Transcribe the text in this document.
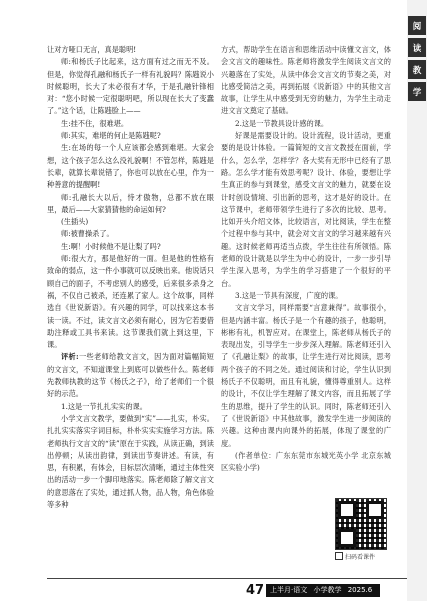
让对方哑口无言，真是聪明!

师:和杨氏子比起来，这方面有过之而无不及。但是，你觉得孔融和杨氏子一样有礼貌吗？陈韪说小时候聪明，长大了未必很有才华，于是孔融针锋相对：“您小时候一定很聪明吧，所以现在长大了变蠢了。”这个话，让陈韪脸上——

生:挂不住，很难堪。

师:其实，难堪的何止是陈韪呢?

生:在场的每一个人应该都会感到难堪。大家会想，这个孩子怎么这么没礼貌啊！不管怎样，陈韪是长辈，就算长辈说错了，你也可以放在心里，作为一种善意的提醒啊!

师:孔融长大以后，恃才傲物，总都不放在眼里，最后——大家猜猜他的命运如何?

(生插头)

师:被曹操杀了。

生:啊！小时候他不是让梨了吗?

师:很大方，那是他好的一面。但是他的性格有致命的弱点，这一件小事就可以反映出来。他说话只顾自己的面子，不考虑别人的感受，后来很多杀身之祸，不仅自己被杀，还连累了家人。这个故事，同样选自《世说新语》。有兴趣的同学，可以找来这本书读一读。不过，读文言文必须有耐心，因为它若要借助注释或工具书来读。这节课我们就上到这里，下课。

评析:一些老师给教文言文，因为面对篇幅简短的文言文，不知道课堂上到底可以做些什么。陈老师先教师执教的这节《杨氏之子》，给了老师们一个很好的示范。

1.这是一节扎扎实实的课。

小学文言文教学，要做到“实”——扎实，朴实。扎扎实实落实字词目标，朴朴实实实施学习方法。陈老师执行文言文的“读”原在于实践，从读正确，到读出停顿；从读出韵律，到读出节奏讲述。有读，有思，有积累，有体会，目标层次清晰，通过主体性突出的活动一步一个脚印地落实。陈老师除了解文言文的意思落在了实处，通过抓人物，品人物，角色体验等多种

方式，帮助学生在语言和思维活动中读懂文言文，体会文言文的趣味性。陈老师将激发学生阅读文言文的兴趣落在了实处，从读中体会文言文的节奏之美，对比感受简洁之美，再到拓展《说新语》中的其他文言故事，让学生从中感受到无穷的魅力，为学生主动走进文言文奠定了基础。

2.这是一节教具设计感的课。

好课是需要设计的。设计流程，设计活动，更重要的是设计体验。一篇简短的文言文教授在面前，学什么，怎么学，怎样学？各大奖有无形中已经有了思路。怎么学才能有效思考呢？设计、体验，要想让学生真正的参与到课堂，感受文言文的魅力，就要在设计时创设情境、引出新的思考，这才是好的设计。在这节课中，老师带领学生进行了多次的比较、思考。比如开头介绍文体，比较语言，对比阅读，学生在整个过程中参与其中，就会对文言文的学习越来越有兴趣。这时候老师再适当点拨，学生往往有所领悟。陈老师的设计就是以学生为中心的设计，一步一步引导学生深入思考，为学生的学习搭建了一个很好的平台。

3.这是一节具有深度，广度的课。

文言文学习，同样需要“言意兼得”。故事很小，但是内涵丰富。杨氏子是一个有趣的孩子，他聪明，彬彬有礼，机智应对。在课堂上，陈老师从杨氏子的表现出发，引导学生一步步深入理解。陈老师还引入了《孔融让梨》的故事，让学生进行对比阅读，思考两个孩子的不同之处。通过阅读和讨论，学生认识到杨氏子不仅聪明，而且有礼貌，懂得尊重别人。这样的设计，不仅让学生理解了课文内容，而且拓展了学生的思维，提升了学生的认识。同时，陈老师还引入了《世说新语》中其他故事，激发学生进一步阅读的兴趣。这种由课内向课外的拓展，体现了课堂的广度。

(作者单位：广东东莞市东城光英小学 北京东城区实验小学)

扫码看课件
阅
读
教
学
47 上半月·语文 小学教学 2025.6
